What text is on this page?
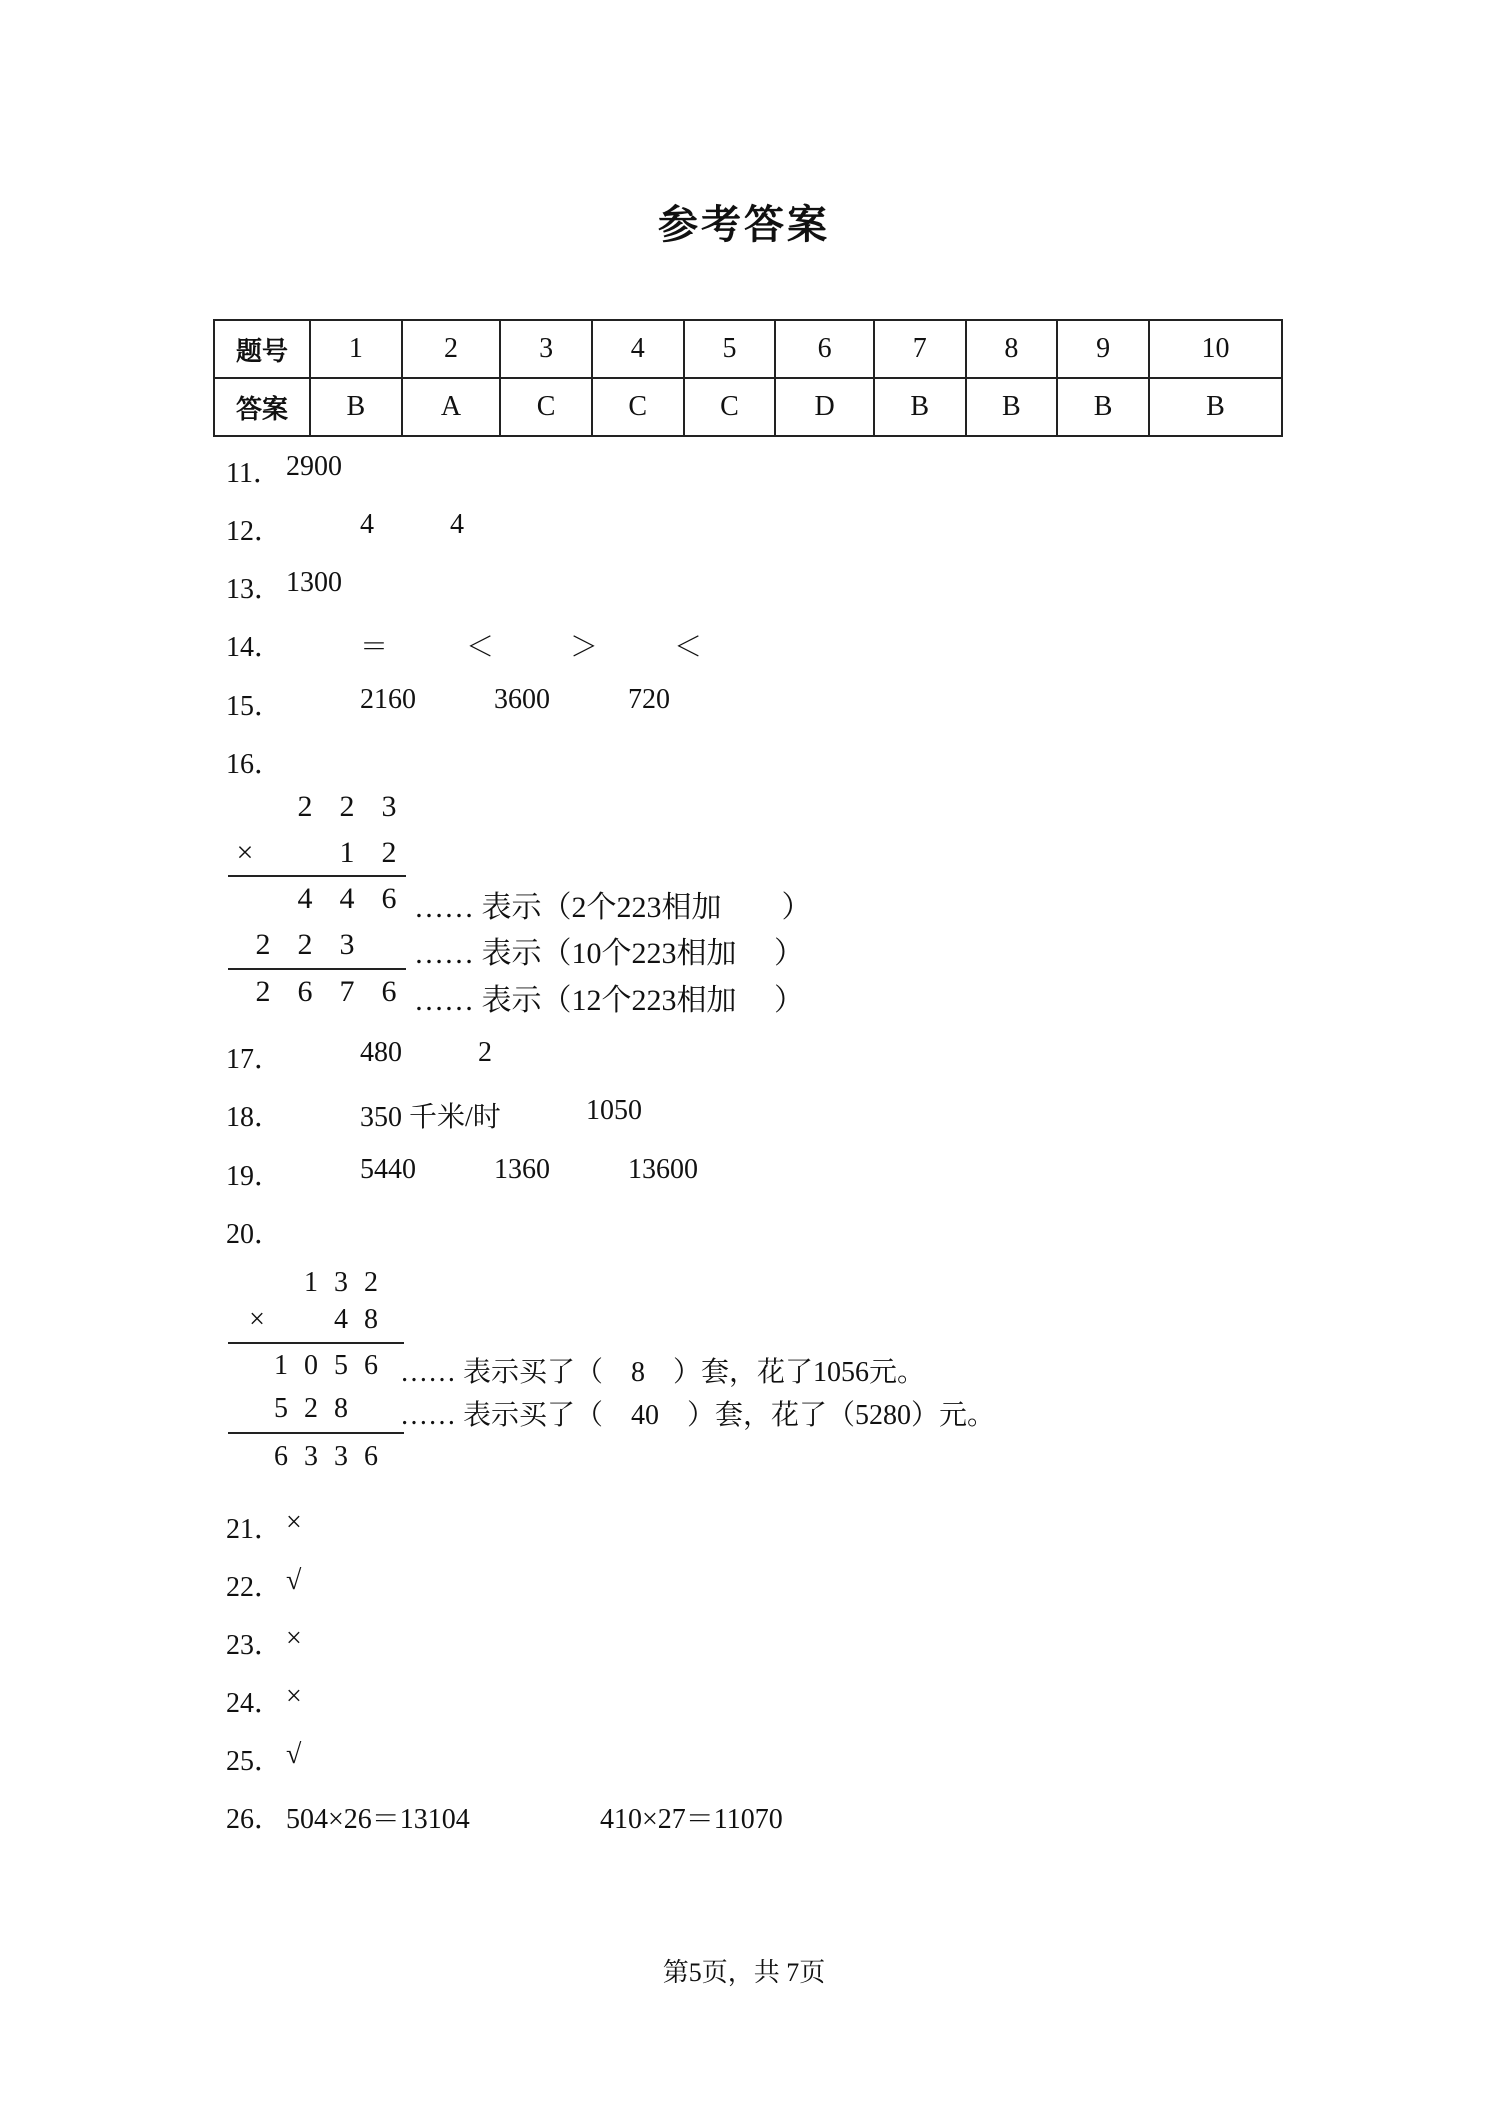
参考答案
题号	1	2	3	4	5	6	7	8	9	10
答案	B	A	C	C	C	D	B	B	B	B
11． 2900
12．	4	4
13． 1300
14．	＝	＜	＞	＜
15．	2160	3600	720
16．
2 2 3
×	1 2
4 4 6 …… 表示（2个223相加　　）
2 2 3 …… 表示（10个223相加　 ）
2 6 7 6 …… 表示（12个223相加　 ）
17．	480	2
18．	350 千米/时	1050
19．	5440	1360	13600
20．
1 3 2
× 4 8
1 0 5 6 …… 表示买了（　8　）套，花了1056元。
5 2 8 …… 表示买了（　40　）套，花了（5280）元。
6 3 3 6
21． ×
22． √
23． ×
24． ×
25． √
26． 504×26＝13104	410×27＝11070
第5页，共 7页
